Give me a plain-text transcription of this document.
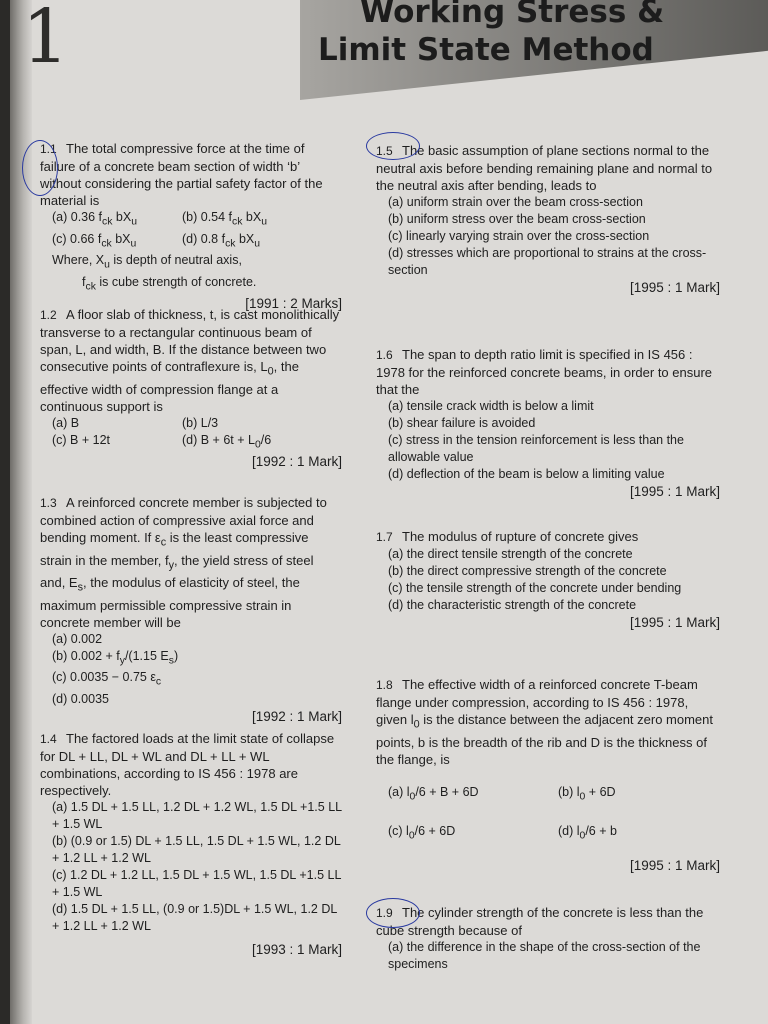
1	Working Stress &
Limit State Method
1.1 The total compressive force at the time of failure of a concrete beam section of width ‘b’ without considering the partial safety factor of the material is
(a) 0.36 $f_{ck}$ $bX_u$	(b) 0.54 $f_{ck}$ $bX_u$
(c) 0.66 $f_{ck}$ $bX_u$	(d) 0.8 $f_{ck}$ $bX_u$
Where, $X_u$ is depth of neutral axis,
$f_{ck}$ is cube strength of concrete.
[1991 : 2 Marks]
1.2 A floor slab of thickness, t, is cast monolithically transverse to a rectangular continuous beam of span, L, and width, B. If the distance between two consecutive points of contraflexure is, $L_0$, the effective width of compression flange at a continuous support is
(a) B	(b) L/3
(c) B + 12t	(d) $B + 6t + L_0/6$
[1992 : 1 Mark]
1.3 A reinforced concrete member is subjected to combined action of compressive axial force and bending moment. If $\varepsilon_c$ is the least compressive strain in the member, $f_y$, the yield stress of steel and, $E_s$, the modulus of elasticity of steel, the maximum permissible compressive strain in concrete member will be
(a) 0.002
(b) $0.002 + f_y/(1.15$ $E_s$)
(c) 0.0035 − 0.75 $\varepsilon_c$
(d) 0.0035
[1992 : 1 Mark]
1.4 The factored loads at the limit state of collapse for DL + LL, DL + WL and DL + LL + WL combinations, according to IS 456 : 1978 are respectively.
(a) 1.5 DL + 1.5 LL, 1.2 DL + 1.2 WL, 1.5 DL +1.5 LL + 1.5 WL
(b) (0.9 or 1.5) DL + 1.5 LL, 1.5 DL + 1.5 WL, 1.2 DL + 1.2 LL + 1.2 WL
(c) 1.2 DL + 1.2 LL, 1.5 DL + 1.5 WL, 1.5 DL +1.5 LL + 1.5 WL
(d) 1.5 DL + 1.5 LL, (0.9 or 1.5)DL + 1.5 WL, 1.2 DL + 1.2 LL + 1.2 WL
[1993 : 1 Mark]
1.5 The basic assumption of plane sections normal to the neutral axis before bending remaining plane and normal to the neutral axis after bending, leads to
(a) uniform strain over the beam cross-section
(b) uniform stress over the beam cross-section
(c) linearly varying strain over the cross-section
(d) stresses which are proportional to strains at the cross-section
[1995 : 1 Mark]
1.6 The span to depth ratio limit is specified in IS 456 : 1978 for the reinforced concrete beams, in order to ensure that the
(a) tensile crack width is below a limit
(b) shear failure is avoided
(c) stress in the tension reinforcement is less than the allowable value
(d) deflection of the beam is below a limiting value
[1995 : 1 Mark]
1.7 The modulus of rupture of concrete gives
(a) the direct tensile strength of the concrete
(b) the direct compressive strength of the concrete
(c) the tensile strength of the concrete under bending
(d) the characteristic strength of the concrete
[1995 : 1 Mark]
1.8 The effective width of a reinforced concrete T-beam flange under compression, according to IS 456 : 1978, given $l_0$ is the distance between the adjacent zero moment points, b is the breadth of the rib and D is the thickness of the flange, is
(a) $l_0/6 + B + 6D$	(b) $l_0 + 6D$
(c) $l_0/6 + 6D$	(d) $l_0/6 + b$
[1995 : 1 Mark]
1.9 The cylinder strength of the concrete is less than the cube strength because of
(a) the difference in the shape of the cross-section of the specimens
